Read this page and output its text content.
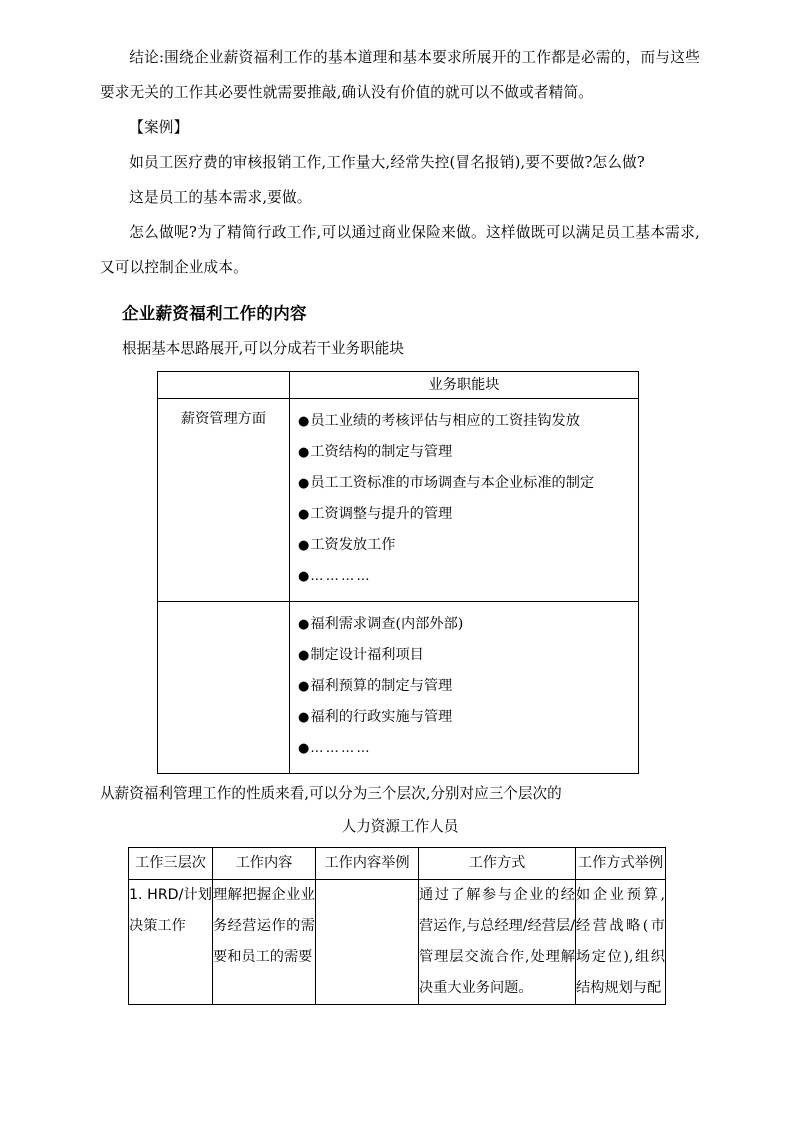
结论:围绕企业薪资福利工作的基本道理和基本要求所展开的工作都是必需的，而与这些要求无关的工作其必要性就需要推敲,确认没有价值的就可以不做或者精简。

【案例】

如员工医疗费的审核报销工作,工作量大,经常失控(冒名报销),要不要做?怎么做?

这是员工的基本需求,要做。

怎么做呢?为了精简行政工作,可以通过商业保险来做。这样做既可以满足员工基本需求,又可以控制企业成本。

企业薪资福利工作的内容

根据基本思路展开,可以分成若干业务职能块

	业务职能块
薪资管理方面	●员工业绩的考核评估与相应的工资挂钩发放
●工资结构的制定与管理
●员工工资标准的市场调查与本企业标准的制定
●工资调整与提升的管理
●工资发放工作
●…………

	●福利需求调查(内部外部)
●制定设计福利项目
●福利预算的制定与管理
●福利的行政实施与管理
●…………

从薪资福利管理工作的性质来看,可以分为三个层次,分别对应三个层次的

人力资源工作人员

工作三层次	工作内容	工作内容举例	工作方式	工作方式举例
1. HRD/计划决策工作	理解把握企业业务经营运作的需要和员工的需要		通过了解参与企业的经营运作,与总经理/经营层/管理层交流合作,处理解决重大业务问题。	如企业预算,经营战略(市场定位),组织结构规划与配
